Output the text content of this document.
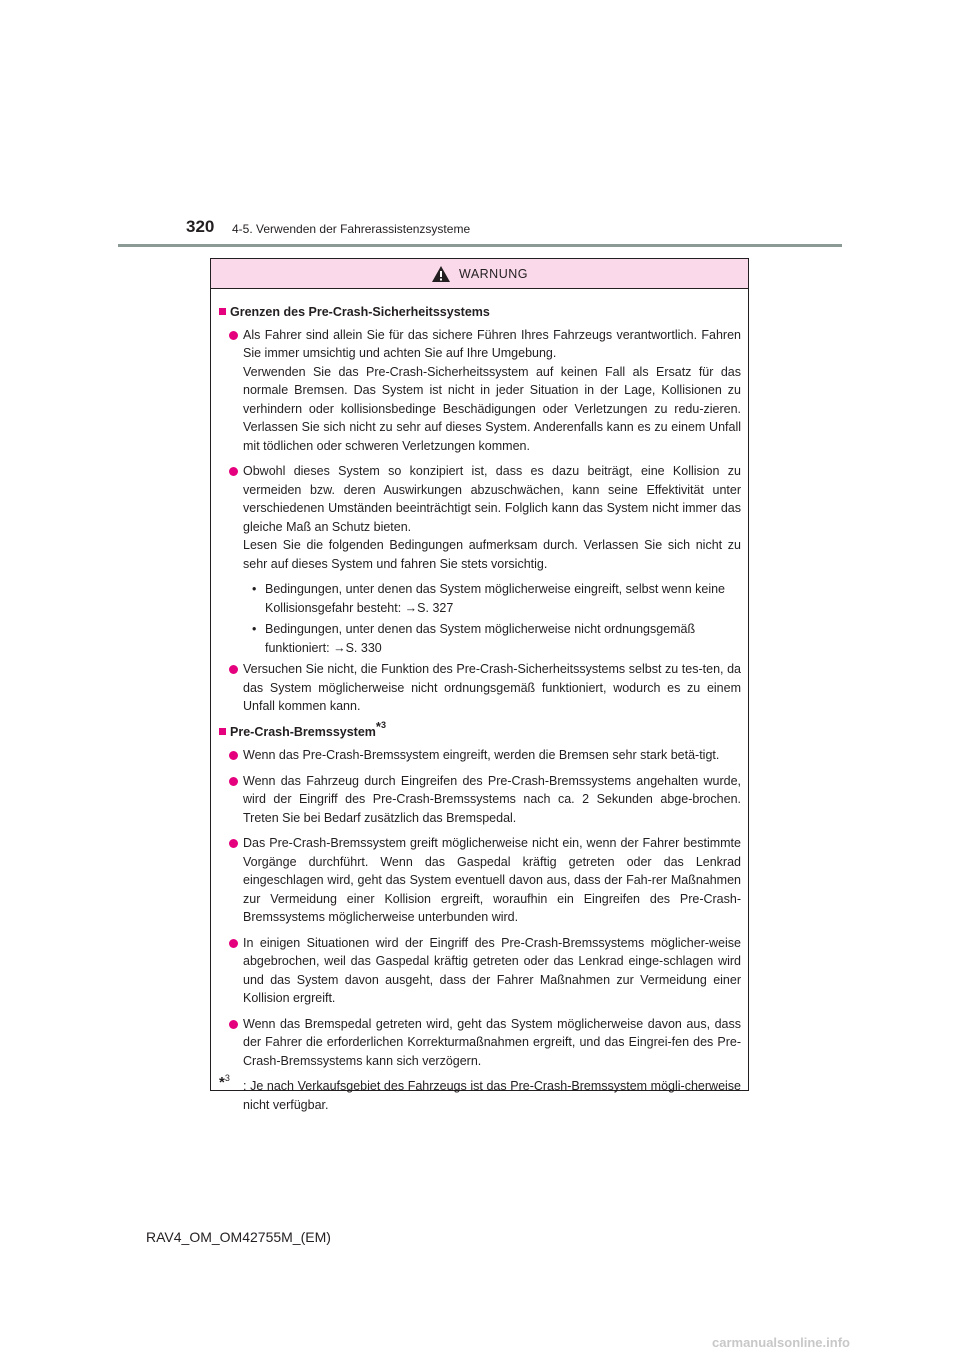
320 4-5. Verwenden der Fahrerassistenzsysteme
WARNUNG
Grenzen des Pre-Crash-Sicherheitssystems

Als Fahrer sind allein Sie für das sichere Führen Ihres Fahrzeugs verantwortlich. Fahren Sie immer umsichtig und achten Sie auf Ihre Umgebung.

Verwenden Sie das Pre-Crash-Sicherheitssystem auf keinen Fall als Ersatz für das normale Bremsen. Das System ist nicht in jeder Situation in der Lage, Kollisionen zu verhindern oder kollisionsbedinge Beschädigungen oder Verletzungen zu redu-zieren. Verlassen Sie sich nicht zu sehr auf dieses System. Anderenfalls kann es zu einem Unfall mit tödlichen oder schweren Verletzungen kommen.

Obwohl dieses System so konzipiert ist, dass es dazu beiträgt, eine Kollision zu vermeiden bzw. deren Auswirkungen abzuschwächen, kann seine Effektivität unter verschiedenen Umständen beeinträchtigt sein. Folglich kann das System nicht immer das gleiche Maß an Schutz bieten.

Lesen Sie die folgenden Bedingungen aufmerksam durch. Verlassen Sie sich nicht zu sehr auf dieses System und fahren Sie stets vorsichtig.

• Bedingungen, unter denen das System möglicherweise eingreift, selbst wenn keine Kollisionsgefahr besteht: →S. 327
• Bedingungen, unter denen das System möglicherweise nicht ordnungsgemäß funktioniert: →S. 330

Versuchen Sie nicht, die Funktion des Pre-Crash-Sicherheitssystems selbst zu tes-ten, da das System möglicherweise nicht ordnungsgemäß funktioniert, wodurch es zu einem Unfall kommen kann.

Pre-Crash-Bremssystem * 3

Wenn das Pre-Crash-Bremssystem eingreift, werden die Bremsen sehr stark betä-tigt.

Wenn das Fahrzeug durch Eingreifen des Pre-Crash-Bremssystems angehalten wurde, wird der Eingriff des Pre-Crash-Bremssystems nach ca. 2 Sekunden abge-brochen. Treten Sie bei Bedarf zusätzlich das Bremspedal.

Das Pre-Crash-Bremssystem greift möglicherweise nicht ein, wenn der Fahrer bestimmte Vorgänge durchführt. Wenn das Gaspedal kräftig getreten oder das Lenkrad eingeschlagen wird, geht das System eventuell davon aus, dass der Fah-rer Maßnahmen zur Vermeidung einer Kollision ergreift, woraufhin ein Eingreifen des Pre-Crash-Bremssystems möglicherweise unterbunden wird.

In einigen Situationen wird der Eingriff des Pre-Crash-Bremssystems möglicher-weise abgebrochen, weil das Gaspedal kräftig getreten oder das Lenkrad einge-schlagen wird und das System davon ausgeht, dass der Fahrer Maßnahmen zur Vermeidung einer Kollision ergreift.

Wenn das Bremspedal getreten wird, geht das System möglicherweise davon aus, dass der Fahrer die erforderlichen Korrekturmaßnahmen ergreift, und das Eingrei-fen des Pre-Crash-Bremssystems kann sich verzögern.

*$^3$
: Je nach Verkaufsgebiet des Fahrzeugs ist das Pre-Crash-Bremssystem mögli-cherweise nicht verfügbar.
RAV4_OM_OM42755M_(EM)
carmanualsonline.info
